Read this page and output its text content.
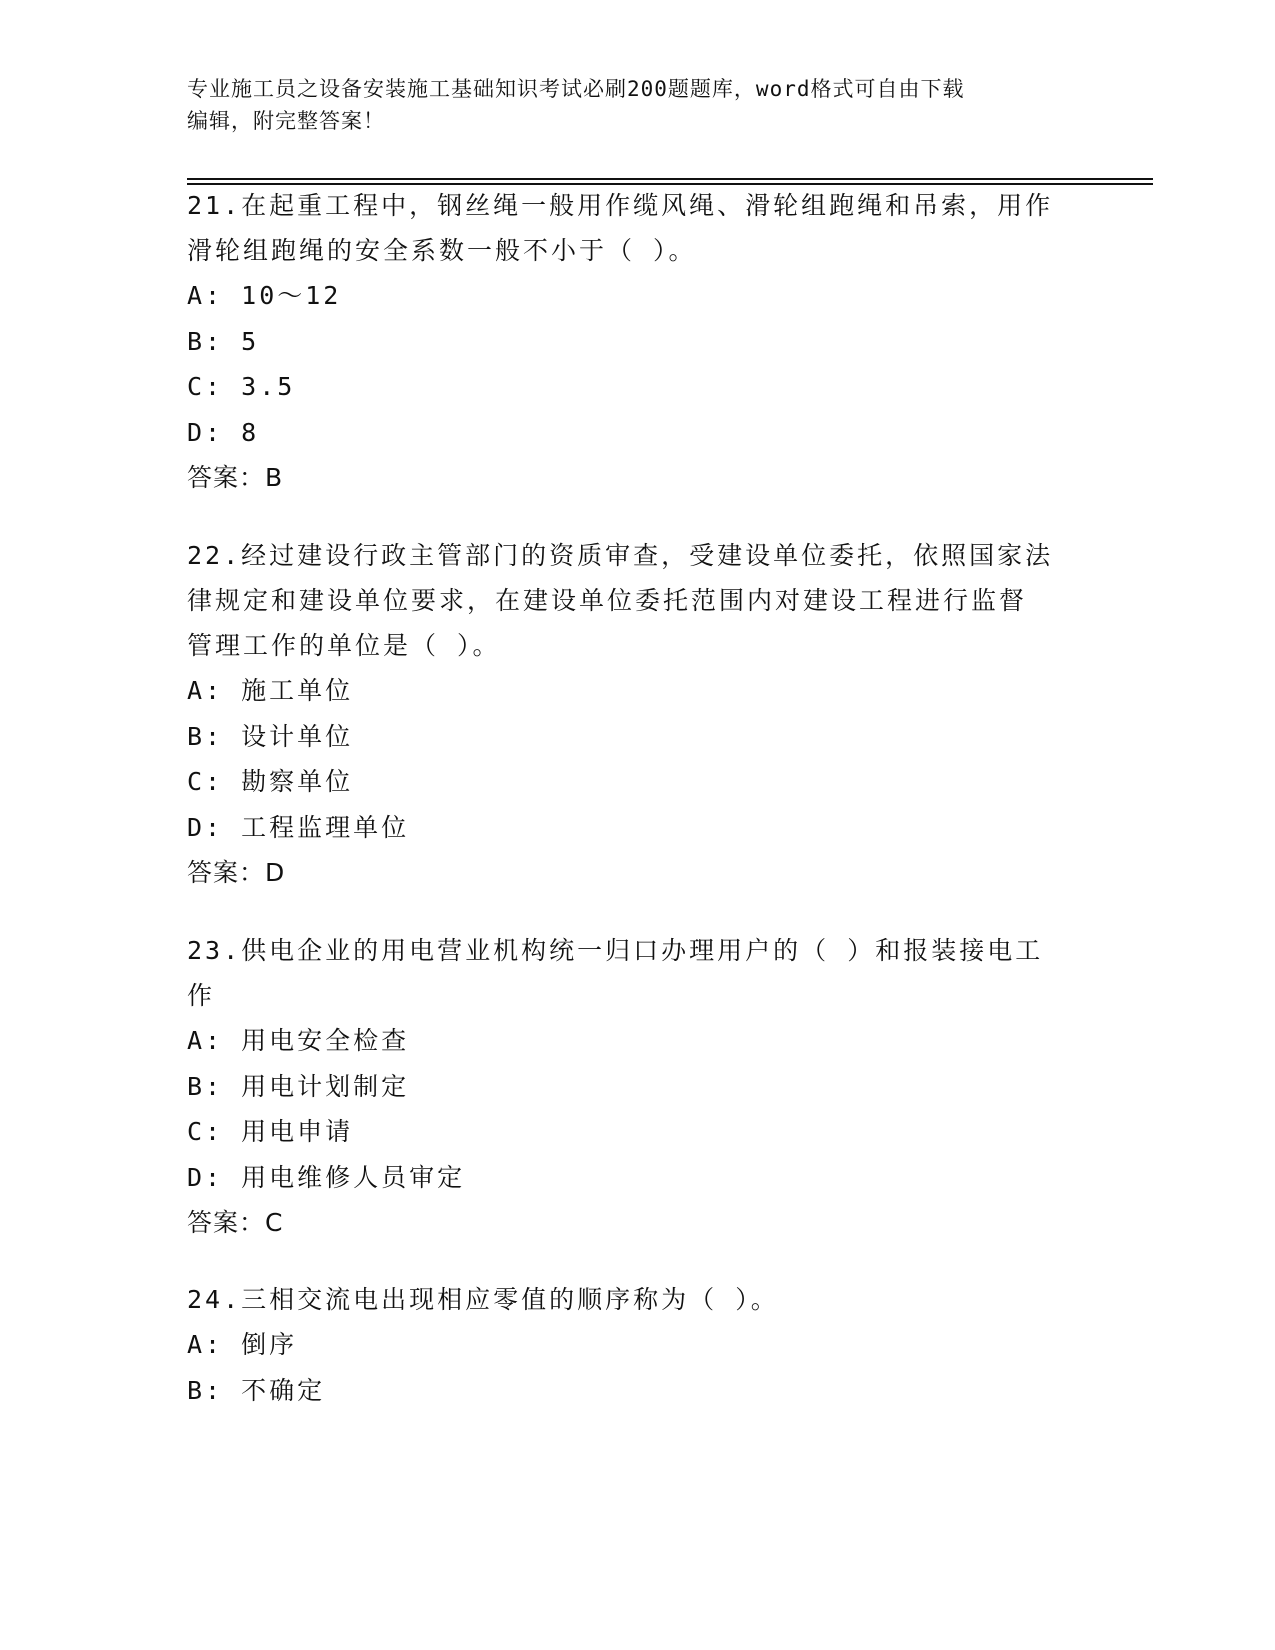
专业施工员之设备安装施工基础知识考试必刷200题题库，word格式可自由下载
编辑，附完整答案！
21.在起重工程中，钢丝绳一般用作缆风绳、滑轮组跑绳和吊索，用作
滑轮组跑绳的安全系数一般不小于（ ）。
A: 10～12
B: 5
C: 3.5
D: 8
答案：B
22.经过建设行政主管部门的资质审查，受建设单位委托，依照国家法
律规定和建设单位要求，在建设单位委托范围内对建设工程进行监督
管理工作的单位是（ ）。
A: 施工单位
B: 设计单位
C: 勘察单位
D: 工程监理单位
答案：D
23.供电企业的用电营业机构统一归口办理用户的（ ）和报装接电工
作
A: 用电安全检查
B: 用电计划制定
C: 用电申请
D: 用电维修人员审定
答案：C
24.三相交流电出现相应零值的顺序称为（ ）。
A: 倒序
B: 不确定
